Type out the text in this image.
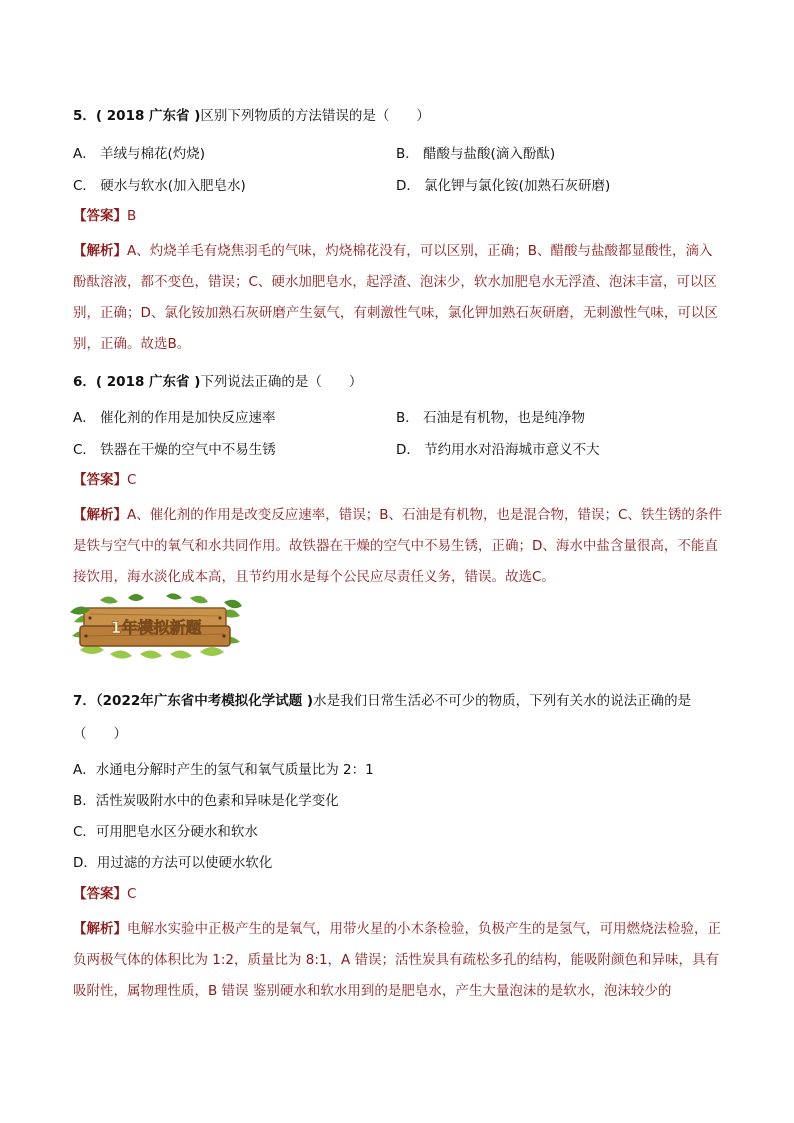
5．( 2018 广东省 )区别下列物质的方法错误的是（　　）
A． 羊绒与棉花(灼烧)	B． 醋酸与盐酸(滴入酚酞)
C． 硬水与软水(加入肥皂水)	D． 氯化钾与氯化铵(加熟石灰研磨)
【答案】B
【解析】A、灼烧羊毛有烧焦羽毛的气味，灼烧棉花没有，可以区别，正确；B、醋酸与盐酸都显酸性，滴入酚酞溶液，都不变色，错误；C、硬水加肥皂水，起浮渣、泡沫少，软水加肥皂水无浮渣、泡沫丰富，可以区别，正确；D、氯化铵加熟石灰研磨产生氨气，有刺激性气味，氯化钾加熟石灰研磨，无刺激性气味，可以区别，正确。故选B。
6．( 2018 广东省 )下列说法正确的是（　　）
A． 催化剂的作用是加快反应速率	B． 石油是有机物，也是纯净物
C． 铁器在干燥的空气中不易生锈	D． 节约用水对沿海城市意义不大
【答案】C
【解析】A、催化剂的作用是改变反应速率，错误；B、石油是有机物，也是混合物，错误；C、铁生锈的条件是铁与空气中的氧气和水共同作用。故铁器在干燥的空气中不易生锈，正确；D、海水中盐含量很高，不能直接饮用，海水淡化成本高，且节约用水是每个公民应尽责任义务，错误。故选C。
1年模拟新题
7．（2022年广东省中考模拟化学试题 )水是我们日常生活必不可少的物质，下列有关水的说法正确的是
（　　）
A．水通电分解时产生的氢气和氧气质量比为 2：1
B．活性炭吸附水中的色素和异味是化学变化
C．可用肥皂水区分硬水和软水
D．用过滤的方法可以使硬水软化
【答案】C
【解析】电解水实验中正极产生的是氧气，用带火星的小木条检验，负极产生的是氢气，可用燃烧法检验，正负两极气体的体积比为 1:2，质量比为 8:1，A 错误；活性炭具有疏松多孔的结构，能吸附颜色和异味，具有吸附性，属物理性质，B 错误 鉴别硬水和软水用到的是肥皂水，产生大量泡沫的是软水，泡沫较少的
